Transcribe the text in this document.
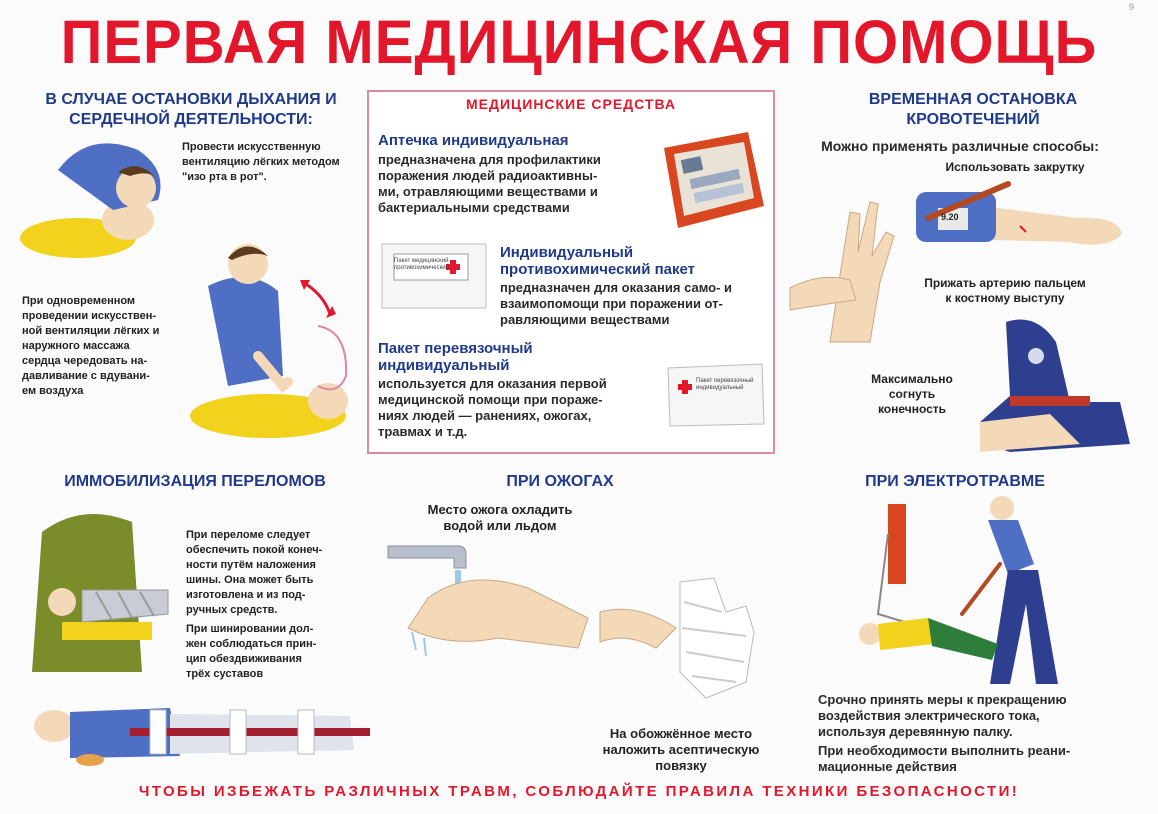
ПЕРВАЯ МЕДИЦИНСКАЯ ПОМОЩЬ
9
В СЛУЧАЕ ОСТАНОВКИ ДЫХАНИЯ И
СЕРДЕЧНОЙ ДЕЯТЕЛЬНОСТИ:
Провести искусственную
вентиляцию лёгких методом
"изо рта в рот".
При одновременном
проведении искусствен-
ной вентиляции лёгких и
наружного массажа
сердца чередовать на-
давливание с вдувани-
ем воздуха
МЕДИЦИНСКИЕ СРЕДСТВА
Аптечка индивидуальная
предназначена для профилактики
поражения людей радиоактивны-
ми, отравляющими веществами и
бактериальными средствами
Пакет медицинский противохимический
Индивидуальный
противохимический пакет
предназначен для оказания само- и
взаимопомощи при поражении от-
равляющими веществами
Пакет перевязочный
индивидуальный
используется для оказания первой
медицинской помощи при пораже-
ниях людей — ранениях, ожогах,
травмах и т.д.
Пакет перевязочный индивидуальный
ВРЕМЕННАЯ ОСТАНОВКА
КРОВОТЕЧЕНИЙ
Можно применять различные способы:
Использовать закрутку
9.20
Прижать артерию пальцем
к костному выступу
Максимально
согнуть
конечность
ИММОБИЛИЗАЦИЯ ПЕРЕЛОМОВ
При переломе следует
обеспечить покой конеч-
ности путём наложения
шины. Она может быть
изготовлена и из под-
ручных средств.
При шинировании дол-
жен соблюдаться прин-
цип обездвиживания
трёх суставов
ПРИ ОЖОГАХ
Место ожога охладить
водой или льдом
На обожжённое место
наложить асептическую
повязку
ПРИ ЭЛЕКТРОТРАВМЕ
Срочно принять меры к прекращению
воздействия электрического тока,
используя деревянную палку.
При необходимости выполнить реани-
мационные действия
ЧТОБЫ ИЗБЕЖАТЬ РАЗЛИЧНЫХ ТРАВМ, СОБЛЮДАЙТЕ ПРАВИЛА ТЕХНИКИ БЕЗОПАСНОСТИ!
